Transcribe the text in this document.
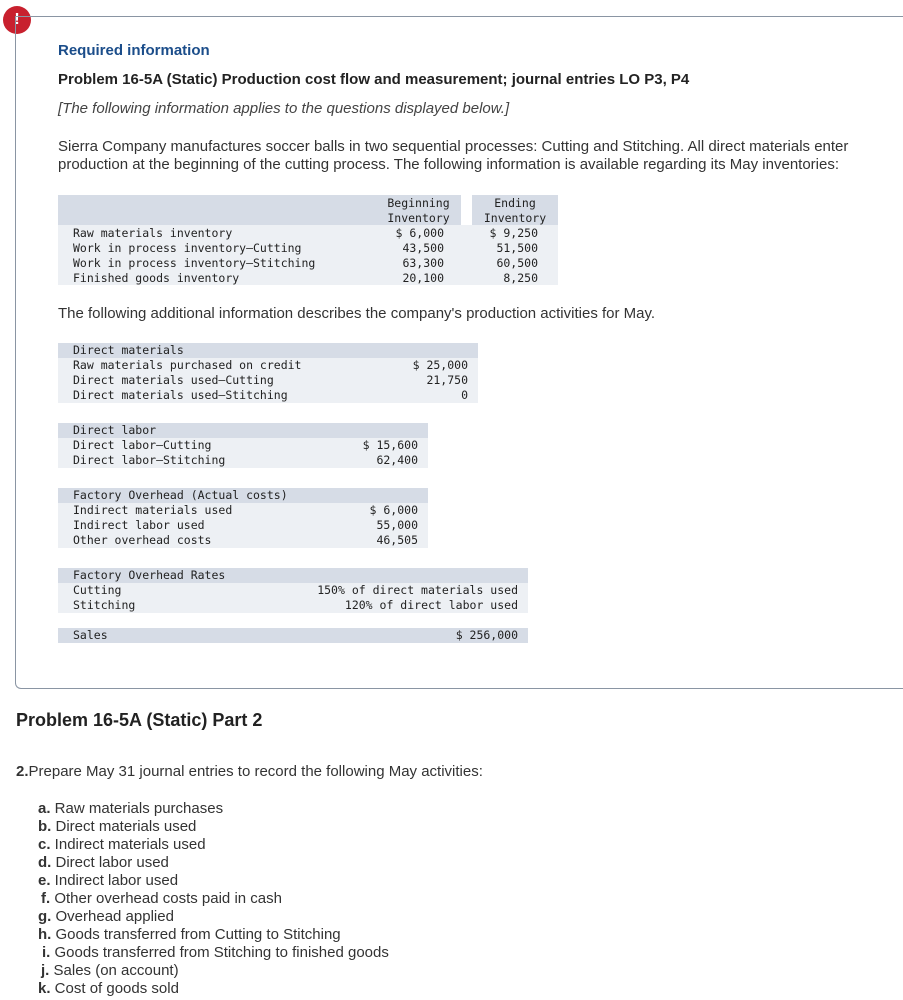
!
Required information
Problem 16-5A (Static) Production cost flow and measurement; journal entries LO P3, P4
[The following information applies to the questions displayed below.]
Sierra Company manufactures soccer balls in two sequential processes: Cutting and Stitching. All direct materials enter
production at the beginning of the cutting process. The following information is available regarding its May inventories:
Beginning
Inventory
Ending
Inventory
Raw materials inventory	$ 6,000	$ 9,250
Work in process inventory—Cutting	43,500	51,500
Work in process inventory—Stitching	63,300	60,500
Finished goods inventory	20,100	8,250
The following additional information describes the company's production activities for May.
Direct materials
Raw materials purchased on credit	$ 25,000
Direct materials used—Cutting	21,750
Direct materials used—Stitching	0
Direct labor
Direct labor—Cutting	$ 15,600
Direct labor—Stitching	62,400
Factory Overhead (Actual costs)
Indirect materials used	$ 6,000
Indirect labor used	55,000
Other overhead costs	46,505
Factory Overhead Rates
Cutting	150% of direct materials used
Stitching	120% of direct labor used
Sales	$ 256,000
Problem 16-5A (Static) Part 2
2.Prepare May 31 journal entries to record the following May activities:
a. Raw materials purchases
b. Direct materials used
c. Indirect materials used
d. Direct labor used
e. Indirect labor used
f. Other overhead costs paid in cash
g. Overhead applied
h. Goods transferred from Cutting to Stitching
i. Goods transferred from Stitching to finished goods
j. Sales (on account)
k. Cost of goods sold
